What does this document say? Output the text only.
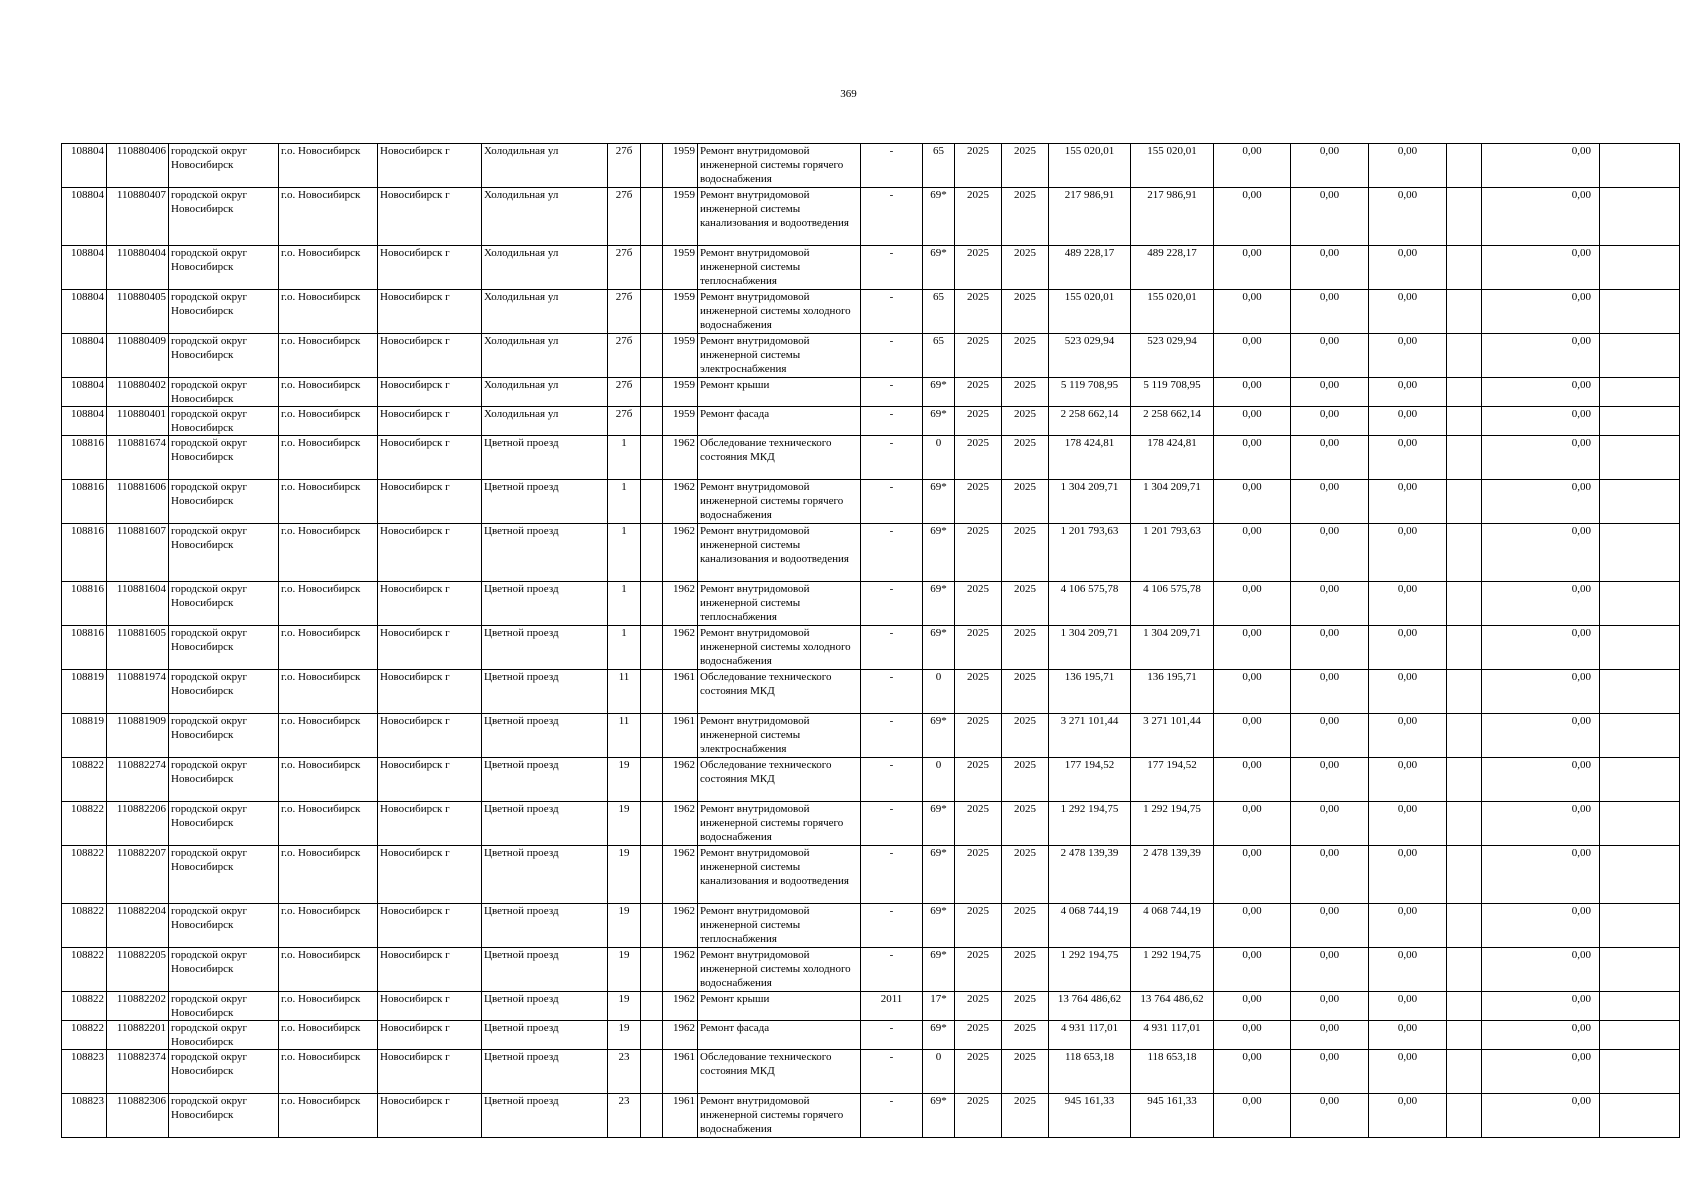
369
108804	110880406	городской округ Новосибирск	г.о. Новосибирск	Новосибирск г	Холодильная ул	27б		1959	Ремонт внутридомовой инженерной системы горячего водоснабжения	-	65	2025	2025	155 020,01	155 020,01	0,00	0,00	0,00		0,00	
108804	110880407	городской округ Новосибирск	г.о. Новосибирск	Новосибирск г	Холодильная ул	27б		1959	Ремонт внутридомовой инженерной системы канализования и водоотведения	-	69*	2025	2025	217 986,91	217 986,91	0,00	0,00	0,00		0,00	
108804	110880404	городской округ Новосибирск	г.о. Новосибирск	Новосибирск г	Холодильная ул	27б		1959	Ремонт внутридомовой инженерной системы теплоснабжения	-	69*	2025	2025	489 228,17	489 228,17	0,00	0,00	0,00		0,00	
108804	110880405	городской округ Новосибирск	г.о. Новосибирск	Новосибирск г	Холодильная ул	27б		1959	Ремонт внутридомовой инженерной системы холодного водоснабжения	-	65	2025	2025	155 020,01	155 020,01	0,00	0,00	0,00		0,00	
108804	110880409	городской округ Новосибирск	г.о. Новосибирск	Новосибирск г	Холодильная ул	27б		1959	Ремонт внутридомовой инженерной системы электроснабжения	-	65	2025	2025	523 029,94	523 029,94	0,00	0,00	0,00		0,00	
108804	110880402	городской округ Новосибирск	г.о. Новосибирск	Новосибирск г	Холодильная ул	27б		1959	Ремонт крыши	-	69*	2025	2025	5 119 708,95	5 119 708,95	0,00	0,00	0,00		0,00	
108804	110880401	городской округ Новосибирск	г.о. Новосибирск	Новосибирск г	Холодильная ул	27б		1959	Ремонт фасада	-	69*	2025	2025	2 258 662,14	2 258 662,14	0,00	0,00	0,00		0,00	
108816	110881674	городской округ Новосибирск	г.о. Новосибирск	Новосибирск г	Цветной проезд	1		1962	Обследование технического состояния МКД	-	0	2025	2025	178 424,81	178 424,81	0,00	0,00	0,00		0,00	
108816	110881606	городской округ Новосибирск	г.о. Новосибирск	Новосибирск г	Цветной проезд	1		1962	Ремонт внутридомовой инженерной системы горячего водоснабжения	-	69*	2025	2025	1 304 209,71	1 304 209,71	0,00	0,00	0,00		0,00	
108816	110881607	городской округ Новосибирск	г.о. Новосибирск	Новосибирск г	Цветной проезд	1		1962	Ремонт внутридомовой инженерной системы канализования и водоотведения	-	69*	2025	2025	1 201 793,63	1 201 793,63	0,00	0,00	0,00		0,00	
108816	110881604	городской округ Новосибирск	г.о. Новосибирск	Новосибирск г	Цветной проезд	1		1962	Ремонт внутридомовой инженерной системы теплоснабжения	-	69*	2025	2025	4 106 575,78	4 106 575,78	0,00	0,00	0,00		0,00	
108816	110881605	городской округ Новосибирск	г.о. Новосибирск	Новосибирск г	Цветной проезд	1		1962	Ремонт внутридомовой инженерной системы холодного водоснабжения	-	69*	2025	2025	1 304 209,71	1 304 209,71	0,00	0,00	0,00		0,00	
108819	110881974	городской округ Новосибирск	г.о. Новосибирск	Новосибирск г	Цветной проезд	11		1961	Обследование технического состояния МКД	-	0	2025	2025	136 195,71	136 195,71	0,00	0,00	0,00		0,00	
108819	110881909	городской округ Новосибирск	г.о. Новосибирск	Новосибирск г	Цветной проезд	11		1961	Ремонт внутридомовой инженерной системы электроснабжения	-	69*	2025	2025	3 271 101,44	3 271 101,44	0,00	0,00	0,00		0,00	
108822	110882274	городской округ Новосибирск	г.о. Новосибирск	Новосибирск г	Цветной проезд	19		1962	Обследование технического состояния МКД	-	0	2025	2025	177 194,52	177 194,52	0,00	0,00	0,00		0,00	
108822	110882206	городской округ Новосибирск	г.о. Новосибирск	Новосибирск г	Цветной проезд	19		1962	Ремонт внутридомовой инженерной системы горячего водоснабжения	-	69*	2025	2025	1 292 194,75	1 292 194,75	0,00	0,00	0,00		0,00	
108822	110882207	городской округ Новосибирск	г.о. Новосибирск	Новосибирск г	Цветной проезд	19		1962	Ремонт внутридомовой инженерной системы канализования и водоотведения	-	69*	2025	2025	2 478 139,39	2 478 139,39	0,00	0,00	0,00		0,00	
108822	110882204	городской округ Новосибирск	г.о. Новосибирск	Новосибирск г	Цветной проезд	19		1962	Ремонт внутридомовой инженерной системы теплоснабжения	-	69*	2025	2025	4 068 744,19	4 068 744,19	0,00	0,00	0,00		0,00	
108822	110882205	городской округ Новосибирск	г.о. Новосибирск	Новосибирск г	Цветной проезд	19		1962	Ремонт внутридомовой инженерной системы холодного водоснабжения	-	69*	2025	2025	1 292 194,75	1 292 194,75	0,00	0,00	0,00		0,00	
108822	110882202	городской округ Новосибирск	г.о. Новосибирск	Новосибирск г	Цветной проезд	19		1962	Ремонт крыши	2011	17*	2025	2025	13 764 486,62	13 764 486,62	0,00	0,00	0,00		0,00	
108822	110882201	городской округ Новосибирск	г.о. Новосибирск	Новосибирск г	Цветной проезд	19		1962	Ремонт фасада	-	69*	2025	2025	4 931 117,01	4 931 117,01	0,00	0,00	0,00		0,00	
108823	110882374	городской округ Новосибирск	г.о. Новосибирск	Новосибирск г	Цветной проезд	23		1961	Обследование технического состояния МКД	-	0	2025	2025	118 653,18	118 653,18	0,00	0,00	0,00		0,00	
108823	110882306	городской округ Новосибирск	г.о. Новосибирск	Новосибирск г	Цветной проезд	23		1961	Ремонт внутридомовой инженерной системы горячего водоснабжения	-	69*	2025	2025	945 161,33	945 161,33	0,00	0,00	0,00		0,00	
